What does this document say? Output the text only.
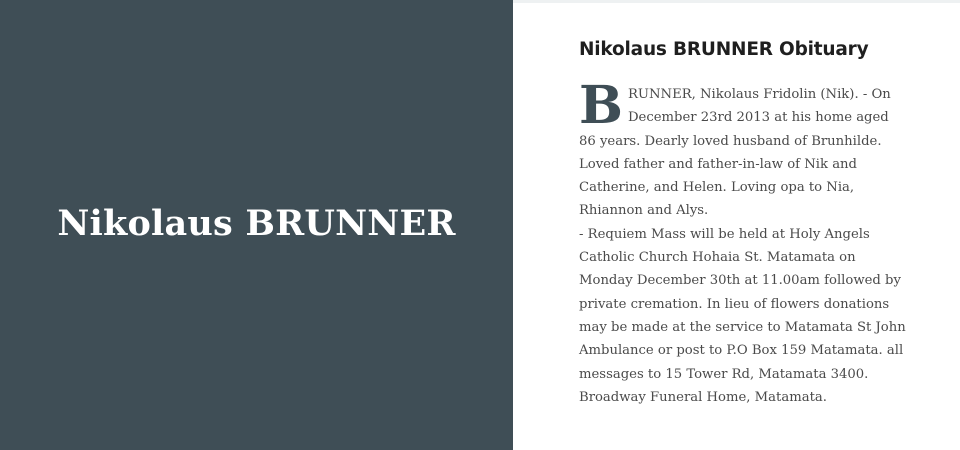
Nikolaus BRUNNER
Nikolaus BRUNNER Obituary
BRUNNER, Nikolaus Fridolin (Nik). - On December 23rd 2013 at his home aged 86 years. Dearly loved husband of Brunhilde. Loved father and father-in-law of Nik and Catherine, and Helen. Loving opa to Nia, Rhiannon and Alys.
- Requiem Mass will be held at Holy Angels Catholic Church Hohaia St. Matamata on Monday December 30th at 11.00am followed by private cremation. In lieu of flowers donations may be made at the service to Matamata St John Ambulance or post to P.O Box 159 Matamata. all messages to 15 Tower Rd, Matamata 3400. Broadway Funeral Home, Matamata.
